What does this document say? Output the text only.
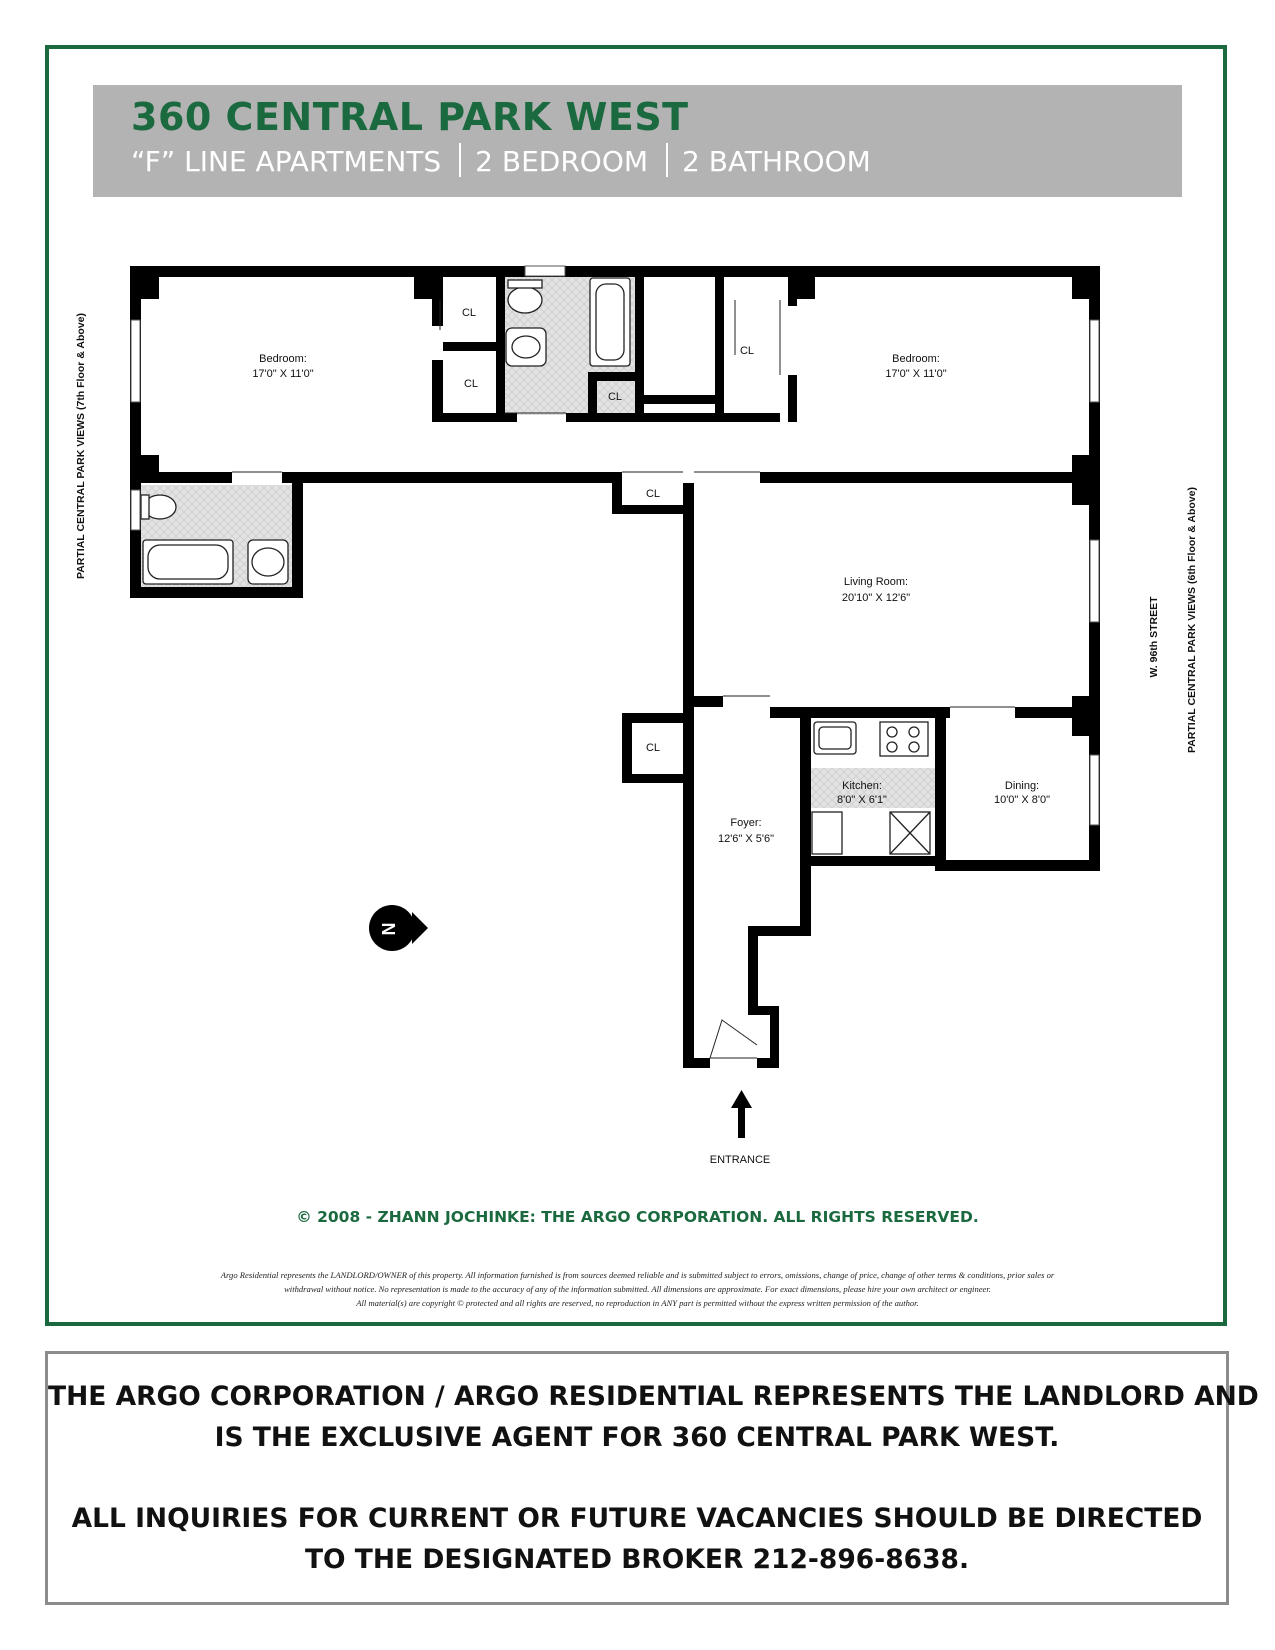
360 CENTRAL PARK WEST
“F” LINE APARTMENTS 2 BEDROOM 2 BATHROOM
Bedroom:
17'0" X 11'0"
Bedroom:
17'0" X 11'0"
Living Room:
20'10" X 12'6"
Kitchen:
8'0" X 6'1"
Dining:
10'0" X 8'0"
Foyer:
12'6" X 5'6"
CL
CL
CL
CL
CL
CL
ENTRANCE
N
PARTIAL CENTRAL PARK VIEWS (7th Floor & Above)
W. 96th STREET PARTIAL CENTRAL PARK VIEWS (6th Floor & Above)
© 2008 - ZHANN JOCHINKE: THE ARGO CORPORATION. ALL RIGHTS RESERVED.
Argo Residential represents the LANDLORD/OWNER of this property. All information furnished is from sources deemed reliable and is submitted subject to errors, omissions, change of price, change of other terms & conditions, prior sales or
withdrawal without notice. No representation is made to the accuracy of any of the information submitted. All dimensions are approximate. For exact dimensions, please hire your own architect or engineer.
All material(s) are copyright © protected and all rights are reserved, no reproduction in ANY part is permitted without the express written permission of the author.

THE ARGO CORPORATION / ARGO RESIDENTIAL REPRESENTS THE LANDLORD AND

IS THE EXCLUSIVE AGENT FOR 360 CENTRAL PARK WEST.

ALL INQUIRIES FOR CURRENT OR FUTURE VACANCIES SHOULD BE DIRECTED

TO THE DESIGNATED BROKER 212-896-8638.
